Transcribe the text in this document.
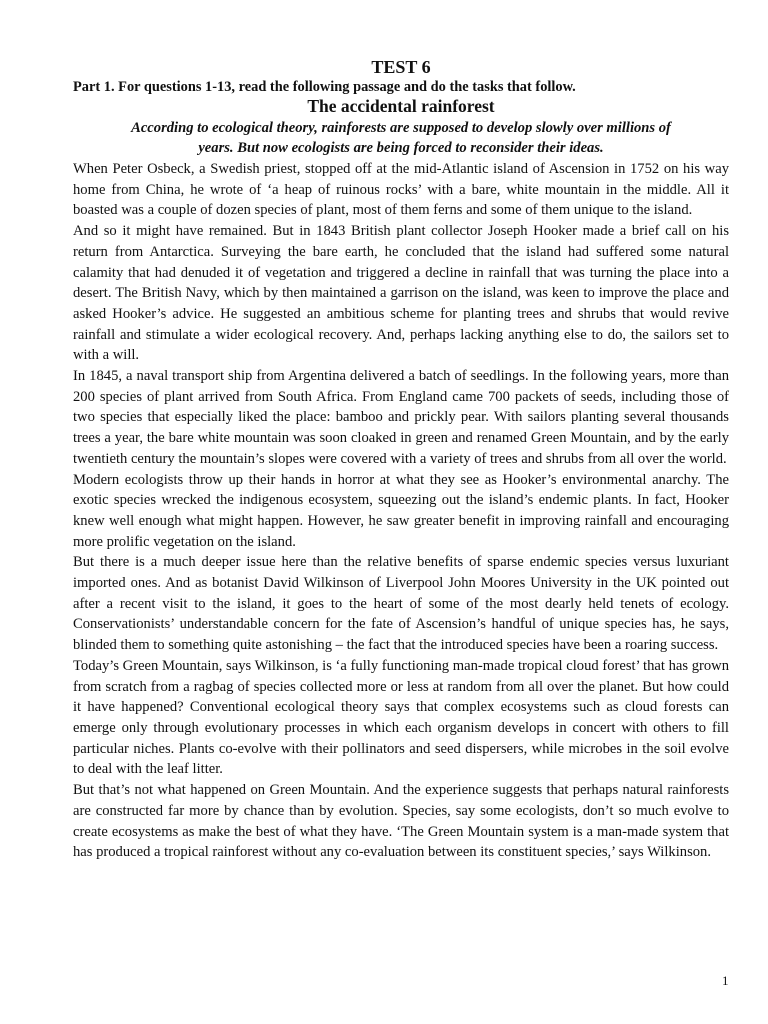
TEST 6

Part 1. For questions 1-13, read the following passage and do the tasks that follow.

The accidental rainforest
According to ecological theory, rainforests are supposed to develop slowly over millions of
years. But now ecologists are being forced to reconsider their ideas.

When Peter Osbeck, a Swedish priest, stopped off at the mid-Atlantic island of Ascension in 1752 on his way home from China, he wrote of ‘a heap of ruinous rocks’ with a bare, white mountain in the middle. All it boasted was a couple of dozen species of plant, most of them ferns and some of them unique to the island.

And so it might have remained. But in 1843 British plant collector Joseph Hooker made a brief call on his return from Antarctica. Surveying the bare earth, he concluded that the island had suffered some natural calamity that had denuded it of vegetation and triggered a decline in rainfall that was turning the place into a desert. The British Navy, which by then maintained a garrison on the island, was keen to improve the place and asked Hooker’s advice. He suggested an ambitious scheme for planting trees and shrubs that would revive rainfall and stimulate a wider ecological recovery. And, perhaps lacking anything else to do, the sailors set to with a will.

In 1845, a naval transport ship from Argentina delivered a batch of seedlings. In the following years, more than 200 species of plant arrived from South Africa. From England came 700 packets of seeds, including those of two species that especially liked the place: bamboo and prickly pear. With sailors planting several thousands trees a year, the bare white mountain was soon cloaked in green and renamed Green Mountain, and by the early twentieth century the mountain’s slopes were covered with a variety of trees and shrubs from all over the world.

Modern ecologists throw up their hands in horror at what they see as Hooker’s environmental anarchy. The exotic species wrecked the indigenous ecosystem, squeezing out the island’s endemic plants. In fact, Hooker knew well enough what might happen. However, he saw greater benefit in improving rainfall and encouraging more prolific vegetation on the island.

But there is a much deeper issue here than the relative benefits of sparse endemic species versus luxuriant imported ones. And as botanist David Wilkinson of Liverpool John Moores University in the UK pointed out after a recent visit to the island, it goes to the heart of some of the most dearly held tenets of ecology. Conservationists’ understandable concern for the fate of Ascension’s handful of unique species has, he says, blinded them to something quite astonishing – the fact that the introduced species have been a roaring success.

Today’s Green Mountain, says Wilkinson, is ‘a fully functioning man-made tropical cloud forest’ that has grown from scratch from a ragbag of species collected more or less at random from all over the planet. But how could it have happened? Conventional ecological theory says that complex ecosystems such as cloud forests can emerge only through evolutionary processes in which each organism develops in concert with others to fill particular niches. Plants co-evolve with their pollinators and seed dispersers, while microbes in the soil evolve to deal with the leaf litter.

But that’s not what happened on Green Mountain. And the experience suggests that perhaps natural rainforests are constructed far more by chance than by evolution. Species, say some ecologists, don’t so much evolve to create ecosystems as make the best of what they have. ‘The Green Mountain system is a man-made system that has produced a tropical rainforest without any co-evaluation between its constituent species,’ says Wilkinson.

1
